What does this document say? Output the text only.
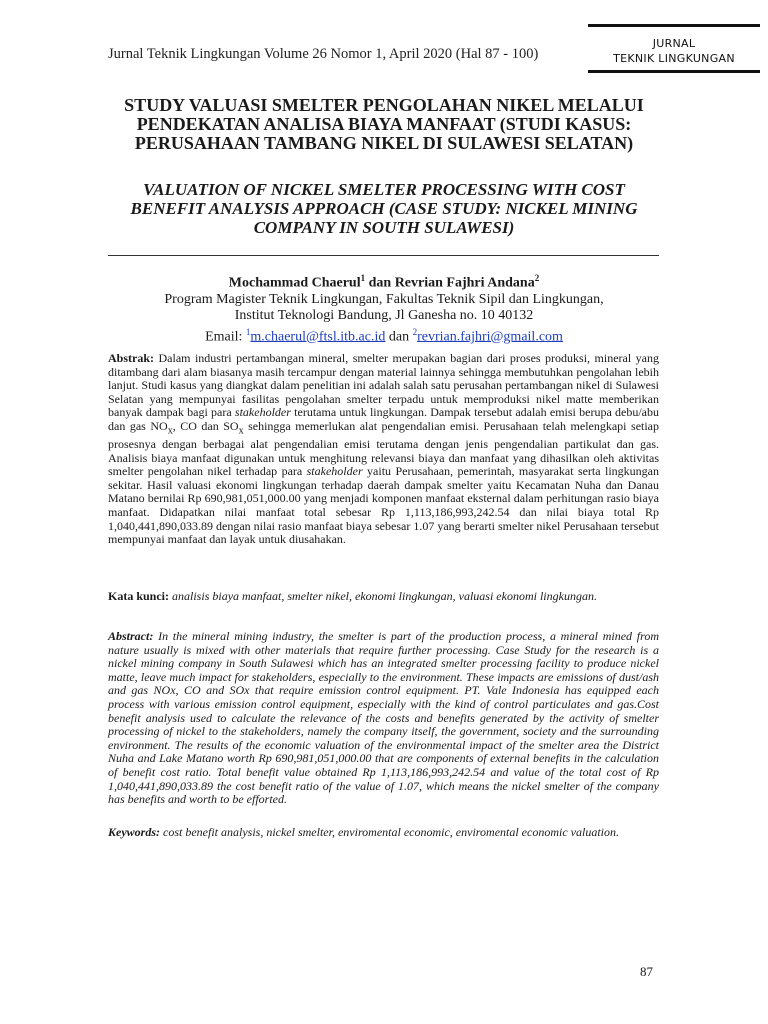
Jurnal Teknik Lingkungan Volume 26 Nomor 1, April 2020 (Hal 87 - 100)
JURNAL
TEKNIK LINGKUNGAN
STUDY VALUASI SMELTER PENGOLAHAN NIKEL MELALUI
PENDEKATAN ANALISA BIAYA MANFAAT (STUDI KASUS:
PERUSAHAAN TAMBANG NIKEL DI SULAWESI SELATAN)
VALUATION OF NICKEL SMELTER PROCESSING WITH COST
BENEFIT ANALYSIS APPROACH (CASE STUDY: NICKEL MINING
COMPANY IN SOUTH SULAWESI)
Mochammad Chaerul$^1$ dan Revrian Fajhri Andana$^2$
Program Magister Teknik Lingkungan, Fakultas Teknik Sipil dan Lingkungan,
Institut Teknologi Bandung, Jl Ganesha no. 10 40132
Email: $^1$m.chaerul@ftsl.itb.ac.id dan $^2$revrian.fajhri@gmail.com
Abstrak: Dalam industri pertambangan mineral, smelter merupakan bagian dari proses produksi, mineral yang ditambang dari alam biasanya masih tercampur dengan material lainnya sehingga membutuhkan pengolahan lebih lanjut. Studi kasus yang diangkat dalam penelitian ini adalah salah satu perusahan pertambangan nikel di Sulawesi Selatan yang mempunyai fasilitas pengolahan smelter terpadu untuk memproduksi nikel matte memberikan banyak dampak bagi para stakeholder terutama untuk lingkungan. Dampak tersebut adalah emisi berupa debu/abu dan gas $NO_x$, CO dan $SO_x$ sehingga memerlukan alat pengendalian emisi. Perusahaan telah melengkapi setiap prosesnya dengan berbagai alat pengendalian emisi terutama dengan jenis pengendalian partikulat dan gas. Analisis biaya manfaat digunakan untuk menghitung relevansi biaya dan manfaat yang dihasilkan oleh aktivitas smelter pengolahan nikel terhadap para stakeholder yaitu Perusahaan, pemerintah, masyarakat serta lingkungan sekitar. Hasil valuasi ekonomi lingkungan terhadap daerah dampak smelter yaitu Kecamatan Nuha dan Danau Matano bernilai Rp 690,981,051,000.00 yang menjadi komponen manfaat eksternal dalam perhitungan rasio biaya manfaat. Didapatkan nilai manfaat total sebesar Rp 1,113,186,993,242.54 dan nilai biaya total Rp 1,040,441,890,033.89 dengan nilai rasio manfaat biaya sebesar 1.07 yang berarti smelter nikel Perusahaan tersebut mempunyai manfaat dan layak untuk diusahakan.
Kata kunci: analisis biaya manfaat, smelter nikel, ekonomi lingkungan, valuasi ekonomi lingkungan.
Abstract: In the mineral mining industry, the smelter is part of the production process, a mineral mined from nature usually is mixed with other materials that require further processing. Case Study for the research is a nickel mining company in South Sulawesi which has an integrated smelter processing facility to produce nickel matte, leave much impact for stakeholders, especially to the environment. These impacts are emissions of dust/ash and gas NOx, CO and SOx that require emission control equipment. PT. Vale Indonesia has equipped each process with various emission control equipment, especially with the kind of control particulates and gas.Cost benefit analysis used to calculate the relevance of the costs and benefits generated by the activity of smelter processing of nickel to the stakeholders, namely the company itself, the government, society and the surrounding environment. The results of the economic valuation of the environmental impact of the smelter area the District Nuha and Lake Matano worth Rp 690,981,051,000.00 that are components of external benefits in the calculation of benefit cost ratio. Total benefit value obtained Rp 1,113,186,993,242.54 and value of the total cost of Rp 1,040,441,890,033.89 the cost benefit ratio of the value of 1.07, which means the nickel smelter of the company has benefits and worth to be efforted.
Keywords: cost benefit analysis, nickel smelter, enviromental economic, enviromental economic valuation.
87
